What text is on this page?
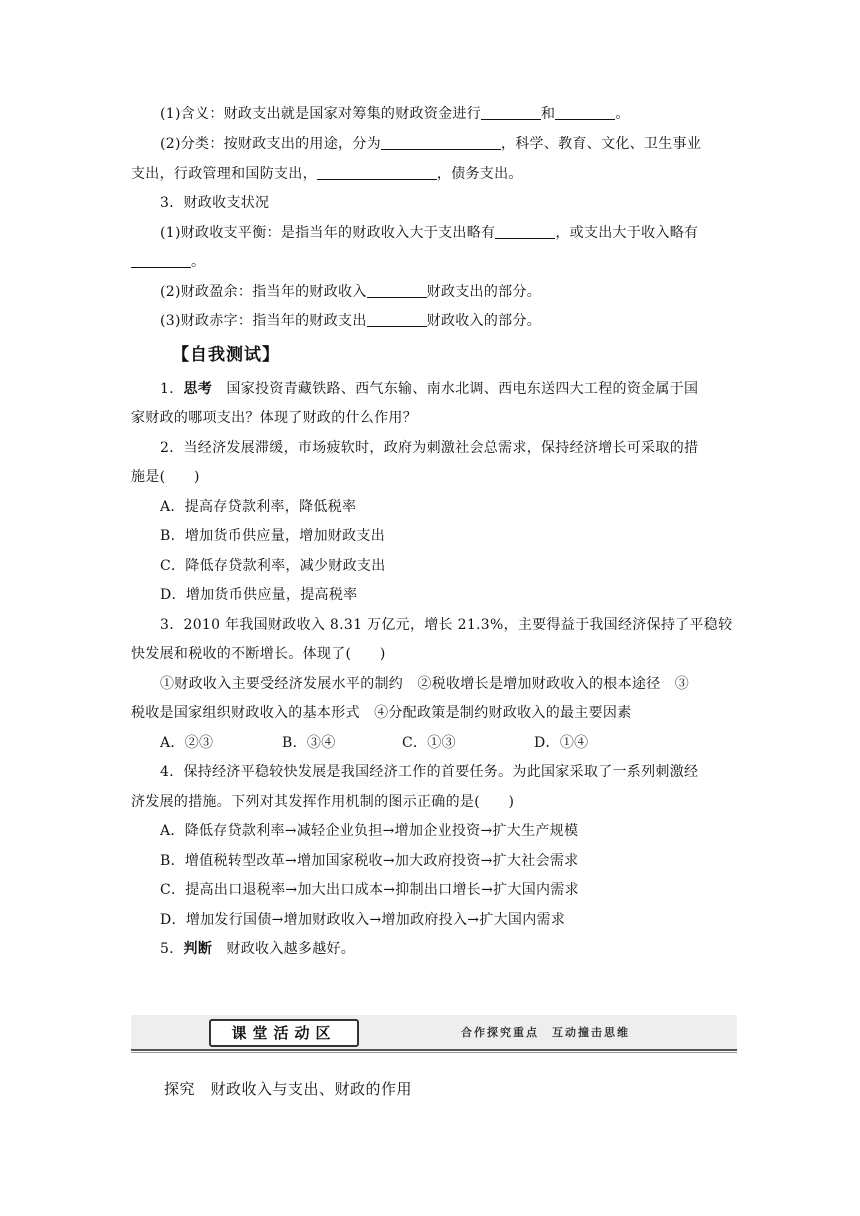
(1)含义：财政支出就是国家对筹集的财政资金进行	和	。
(2)分类：按财政支出的用途，分为	，科学、教育、文化、卫生事业
支出，行政管理和国防支出，	，债务支出。
3．财政收支状况
(1)财政收支平衡：是指当年的财政收入大于支出略有	，或支出大于收入略有
。
(2)财政盈余：指当年的财政收入	财政支出的部分。
(3)财政赤字：指当年的财政支出	财政收入的部分。
【自我测试】
1．思考　国家投资青藏铁路、西气东输、南水北调、西电东送四大工程的资金属于国
家财政的哪项支出？体现了财政的什么作用？
2．当经济发展滞缓，市场疲软时，政府为刺激社会总需求，保持经济增长可采取的措
施是(　　)
A．提高存贷款利率，降低税率
B．增加货币供应量，增加财政支出
C．降低存贷款利率，减少财政支出
D．增加货币供应量，提高税率
3．2010 年我国财政收入 8.31 万亿元，增长 21.3%，主要得益于我国经济保持了平稳较
快发展和税收的不断增长。体现了(　　)
①财政收入主要受经济发展水平的制约　②税收增长是增加财政收入的根本途径　③
税收是国家组织财政收入的基本形式　④分配政策是制约财政收入的最主要因素
A．②③	B．③④	C．①③	D．①④
4．保持经济平稳较快发展是我国经济工作的首要任务。为此国家采取了一系列刺激经
济发展的措施。下列对其发挥作用机制的图示正确的是(　　)
A．降低存贷款利率→减轻企业负担→增加企业投资→扩大生产规模
B．增值税转型改革→增加国家税收→加大政府投资→扩大社会需求
C．提高出口退税率→加大出口成本→抑制出口增长→扩大国内需求
D．增加发行国债→增加财政收入→增加政府投入→扩大国内需求
5．判断　财政收入越多越好。
课堂活动区	合作探究重点　互动撞击思维
探究　财政收入与支出、财政的作用
